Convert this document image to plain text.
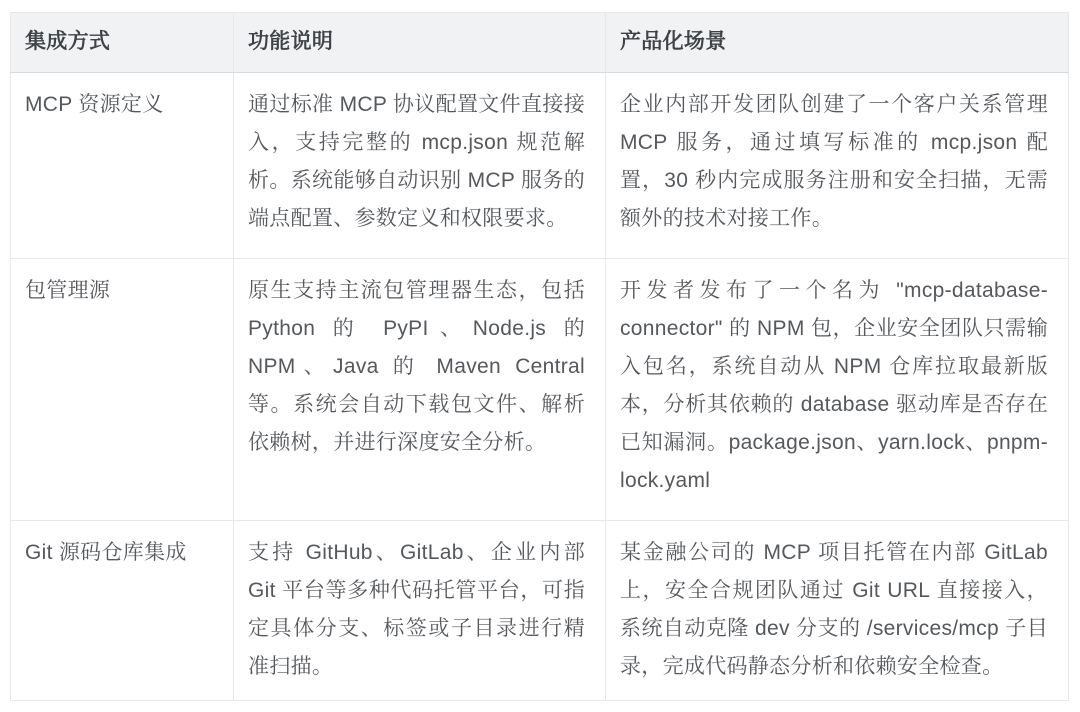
集成方式	功能说明	产品化场景
MCP 资源定义	通过标准 MCP 协议配置文件直接接入，支持完整的 mcp.json 规范解析。系统能够自动识别 MCP 服务的端点配置、参数定义和权限要求。	企业内部开发团队创建了一个客户关系管理 MCP 服务，通过填写标准的 mcp.json 配置，30 秒内完成服务注册和安全扫描，无需额外的技术对接工作。
包管理源	原生支持主流包管理器生态，包括 Python 的 PyPI、Node.js 的 NPM、Java 的 Maven Central 等。系统会自动下载包文件、解析依赖树，并进行深度安全分析。	开发者发布了一个名为 "mcp-database-connector" 的 NPM 包，企业安全团队只需输入包名，系统自动从 NPM 仓库拉取最新版本，分析其依赖的 database 驱动库是否存在已知漏洞。package.json、yarn.lock、pnpm-lock.yaml
Git 源码仓库集成	支持 GitHub、GitLab、企业内部 Git 平台等多种代码托管平台，可指定具体分支、标签或子目录进行精准扫描。	某金融公司的 MCP 项目托管在内部 GitLab 上，安全合规团队通过 Git URL 直接接入，系统自动克隆 dev 分支的 /services/mcp 子目录，完成代码静态分析和依赖安全检查。
